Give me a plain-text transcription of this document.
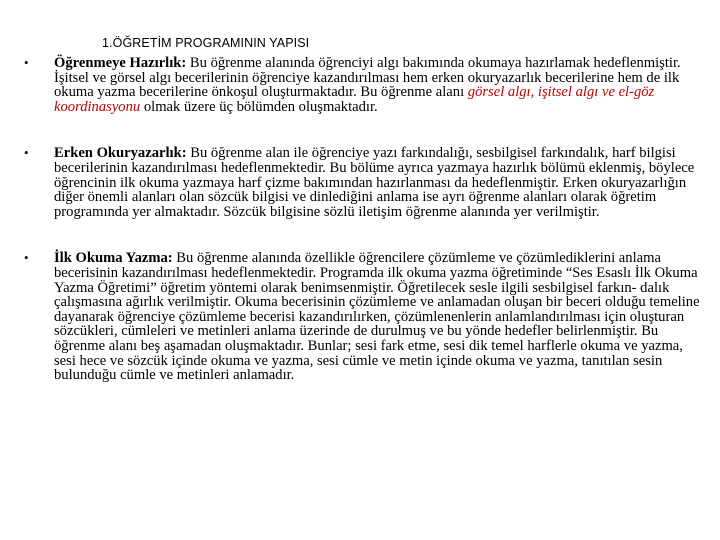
1.ÖĞRETİM PROGRAMININ YAPISI
• Öğrenmeye Hazırlık: Bu öğrenme alanında öğrenciyi algı bakımında okumaya hazırlamak hedeflenmiştir. İşitsel ve görsel algı becerilerinin öğrenciye kazandırılması hem erken okuryazarlık becerilerine hem de ilk okuma yazma becerilerine önkoşul oluşturmaktadır. Bu öğrenme alanı görsel algı, işitsel algı ve el-göz koordinasyonu olmak üzere üç bölümden oluşmaktadır.
• Erken Okuryazarlık: Bu öğrenme alan ile öğrenciye yazı farkındalığı, sesbilgisel farkındalık, harf bilgisi becerilerinin kazandırılması hedeflenmektedir. Bu bölüme ayrıca yazmaya hazırlık bölümü eklenmiş, böylece öğrencinin ilk okuma yazmaya harf çizme bakımından hazırlanması da hedeflenmiştir. Erken okuryazarlığın diğer önemli alanları olan sözcük bilgisi ve dinlediğini anlama ise ayrı öğrenme alanları olarak öğretim programında yer almaktadır. Sözcük bilgisine sözlü iletişim öğrenme alanında yer verilmiştir.
• İlk Okuma Yazma: Bu öğrenme alanında özellikle öğrencilere çözümleme ve çözümlediklerini anlama becerisinin kazandırılması hedeflenmektedir. Programda ilk okuma yazma öğretiminde “Ses Esaslı İlk Okuma Yazma Öğretimi” öğretim yöntemi olarak benimsenmiştir. Öğretilecek sesle ilgili sesbilgisel farkın- dalık çalışmasına ağırlık verilmiştir. Okuma becerisinin çözümleme ve anlamadan oluşan bir beceri olduğu temeline dayanarak öğrenciye çözümleme becerisi kazandırılırken, çözümlenenlerin anlamlandırılması için oluşturan sözcükleri, cümleleri ve metinleri anlama üzerinde de durulmuş ve bu yönde hedefler belirlenmiştir. Bu öğrenme alanı beş aşamadan oluşmaktadır. Bunlar; sesi fark etme, sesi dik temel harflerle okuma ve yazma, sesi hece ve sözcük içinde okuma ve yazma, sesi cümle ve metin içinde okuma ve yazma, tanıtılan sesin bulunduğu cümle ve metinleri anlamadır.
